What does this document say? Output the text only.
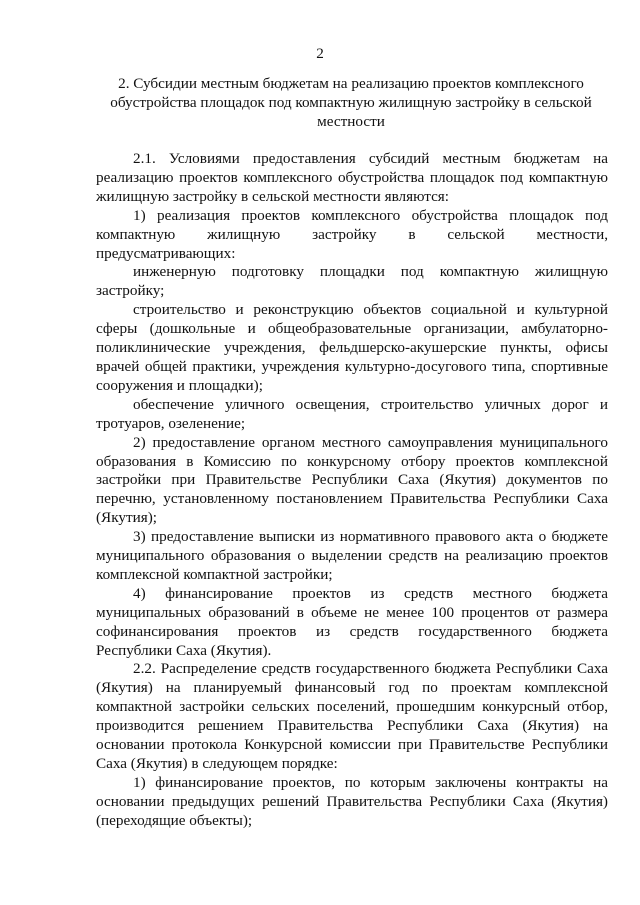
2
2. Субсидии местным бюджетам на реализацию проектов комплексного обустройства площадок под компактную жилищную застройку в сельской местности

2.1. Условиями предоставления субсидий местным бюджетам на реализацию проектов комплексного обустройства площадок под компактную жилищную застройку в сельской местности являются:

1) реализация проектов комплексного обустройства площадок под компактную жилищную застройку в сельской местности, предусматривающих:

инженерную подготовку площадки под компактную жилищную застройку;

строительство и реконструкцию объектов социальной и культурной сферы (дошкольные и общеобразовательные организации, амбулаторно-поликлинические учреждения, фельдшерско-акушерские пункты, офисы врачей общей практики, учреждения культурно-досугового типа, спортивные сооружения и площадки);

обеспечение уличного освещения, строительство уличных дорог и тротуаров, озеленение;

2) предоставление органом местного самоуправления муниципального образования в Комиссию по конкурсному отбору проектов комплексной застройки при Правительстве Республики Саха (Якутия) документов по перечню, установленному постановлением Правительства Республики Саха (Якутия);

3) предоставление выписки из нормативного правового акта о бюджете муниципального образования о выделении средств на реализацию проектов комплексной компактной застройки;

4) финансирование проектов из средств местного бюджета муниципальных образований в объеме не менее 100 процентов от размера софинансирования проектов из средств государственного бюджета Республики Саха (Якутия).

2.2. Распределение средств государственного бюджета Республики Саха (Якутия) на планируемый финансовый год по проектам комплексной компактной застройки сельских поселений, прошедшим конкурсный отбор, производится решением Правительства Республики Саха (Якутия) на основании протокола Конкурсной комиссии при Правительстве Республики Саха (Якутия) в следующем порядке:

1) финансирование проектов, по которым заключены контракты на основании предыдущих решений Правительства Республики Саха (Якутия) (переходящие объекты);
